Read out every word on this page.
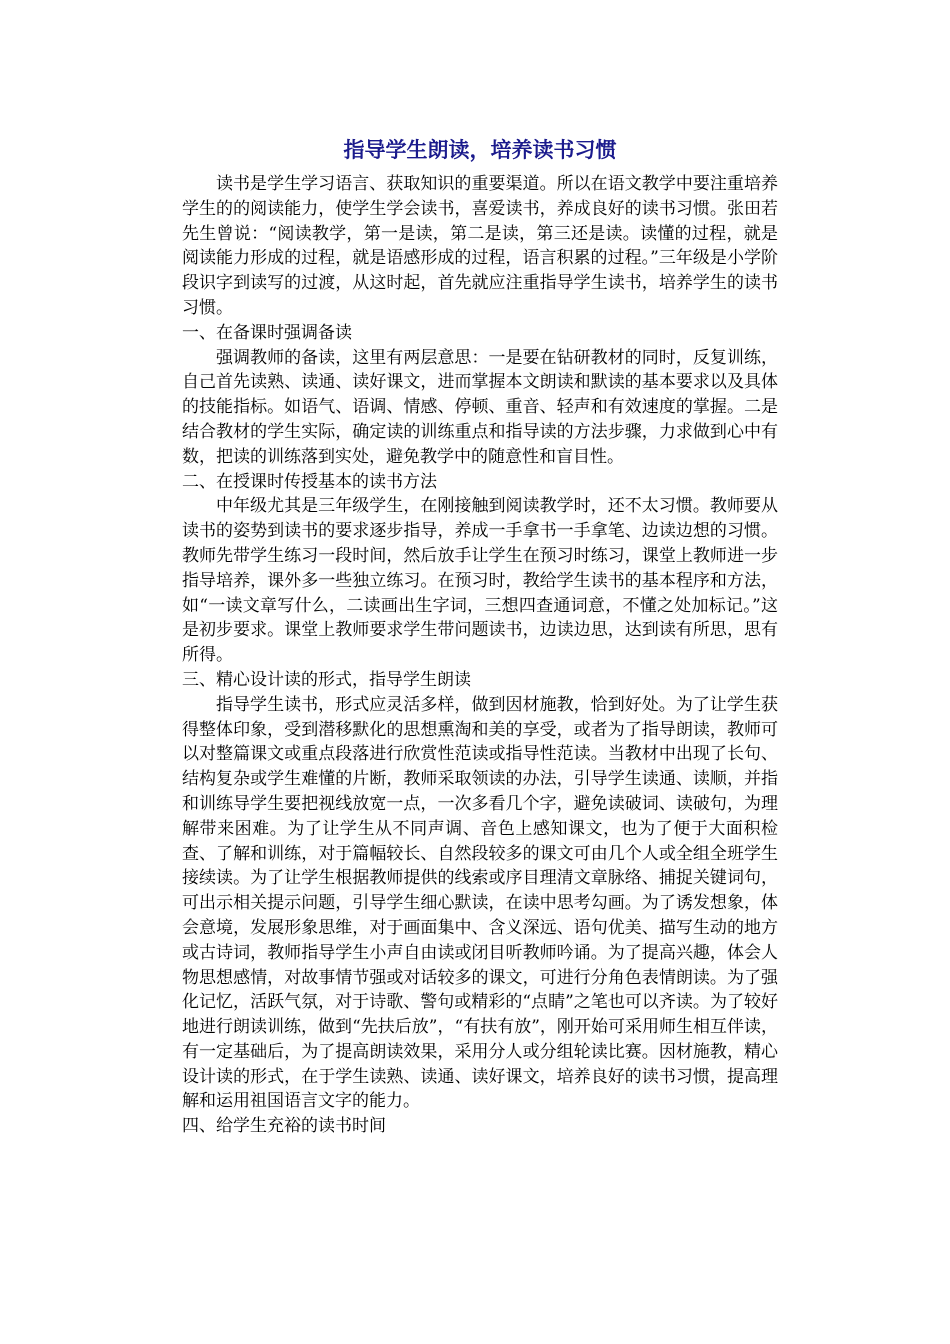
指导学生朗读，培养读书习惯

读书是学生学习语言、获取知识的重要渠道。所以在语文教学中要注重培养学生的的阅读能力，使学生学会读书，喜爱读书，养成良好的读书习惯。张田若先生曾说：“阅读教学，第一是读，第二是读，第三还是读。读懂的过程，就是阅读能力形成的过程，就是语感形成的过程，语言积累的过程。”三年级是小学阶段识字到读写的过渡，从这时起，首先就应注重指导学生读书，培养学生的读书习惯。

一、在备课时强调备读

强调教师的备读，这里有两层意思：一是要在钻研教材的同时，反复训练，自己首先读熟、读通、读好课文，进而掌握本文朗读和默读的基本要求以及具体的技能指标。如语气、语调、情感、停顿、重音、轻声和有效速度的掌握。二是结合教材的学生实际，确定读的训练重点和指导读的方法步骤，力求做到心中有数，把读的训练落到实处，避免教学中的随意性和盲目性。

二、在授课时传授基本的读书方法

中年级尤其是三年级学生，在刚接触到阅读教学时，还不太习惯。教师要从读书的姿势到读书的要求逐步指导，养成一手拿书一手拿笔、边读边想的习惯。教师先带学生练习一段时间，然后放手让学生在预习时练习，课堂上教师进一步指导培养，课外多一些独立练习。在预习时，教给学生读书的基本程序和方法，如“一读文章写什么，二读画出生字词，三想四查通词意，不懂之处加标记。”这是初步要求。课堂上教师要求学生带问题读书，边读边思，达到读有所思，思有所得。

三、精心设计读的形式，指导学生朗读

指导学生读书，形式应灵活多样，做到因材施教，恰到好处。为了让学生获得整体印象，受到潜移默化的思想熏淘和美的享受，或者为了指导朗读，教师可以对整篇课文或重点段落进行欣赏性范读或指导性范读。当教材中出现了长句、结构复杂或学生难懂的片断，教师采取领读的办法，引导学生读通、读顺，并指和训练导学生要把视线放宽一点，一次多看几个字，避免读破词、读破句，为理解带来困难。为了让学生从不同声调、音色上感知课文，也为了便于大面积检查、了解和训练，对于篇幅较长、自然段较多的课文可由几个人或全组全班学生接续读。为了让学生根据教师提供的线索或序目理清文章脉络、捕捉关键词句，可出示相关提示问题，引导学生细心默读，在读中思考勾画。为了诱发想象，体会意境，发展形象思维，对于画面集中、含义深远、语句优美、描写生动的地方或古诗词，教师指导学生小声自由读或闭目听教师吟诵。为了提高兴趣，体会人物思想感情，对故事情节强或对话较多的课文，可进行分角色表情朗读。为了强化记忆，活跃气氛，对于诗歌、警句或精彩的“点睛”之笔也可以齐读。为了较好地进行朗读训练，做到“先扶后放”，“有扶有放”，刚开始可采用师生相互伴读，有一定基础后，为了提高朗读效果，采用分人或分组轮读比赛。因材施教，精心设计读的形式，在于学生读熟、读通、读好课文，培养良好的读书习惯，提高理解和运用祖国语言文字的能力。

四、给学生充裕的读书时间
